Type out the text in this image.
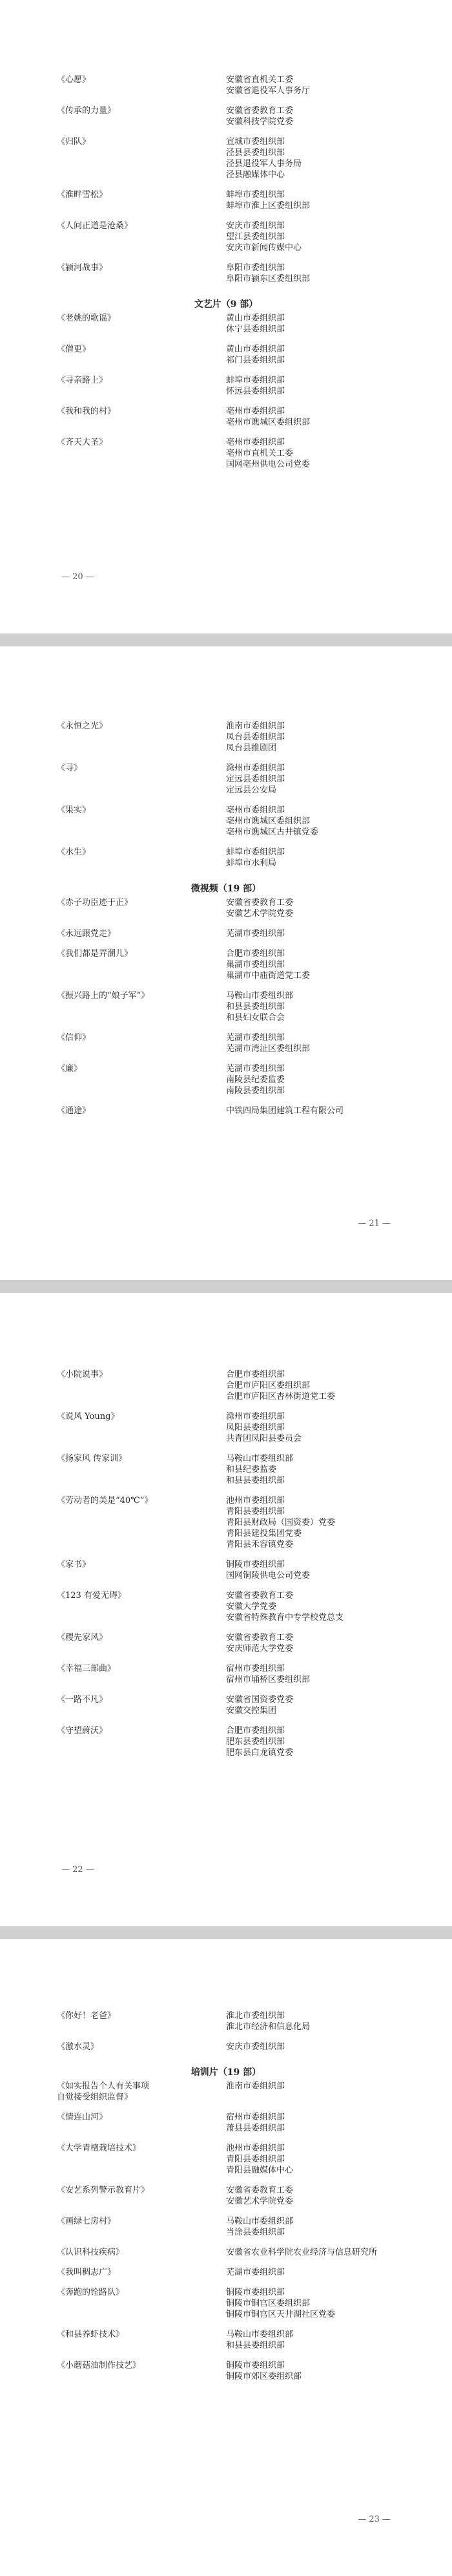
《心愿》	安徽省直机关工委
安徽省退役军人事务厅
《传承的力量》	安徽省委教育工委
安徽科技学院党委
《归队》	宣城市委组织部
泾县县委组织部
泾县退役军人事务局
泾县融媒体中心
《淮畔雪松》	蚌埠市委组织部
蚌埠市淮上区委组织部
《人间正道是沧桑》	安庆市委组织部
望江县委组织部
安庆市新闻传媒中心
《颍河战事》	阜阳市委组织部
阜阳市颍东区委组织部
文艺片（9 部）
《老姚的歌谣》	黄山市委组织部
休宁县委组织部
《僧更》	黄山市委组织部
祁门县委组织部
《寻亲路上》	蚌埠市委组织部
怀远县委组织部
《我和我的村》	亳州市委组织部
亳州市谯城区委组织部
《齐天大圣》	亳州市委组织部
亳州市直机关工委
国网亳州供电公司党委
— 20 —
《永恒之光》	淮南市委组织部
凤台县委组织部
凤台县推剧团
《寻》	滁州市委组织部
定远县委组织部
定远县公安局
《果实》	亳州市委组织部
亳州市谯城区委组织部
亳州市谯城区古井镇党委
《水生》	蚌埠市委组织部
蚌埠市水利局
微视频（19 部）
《赤子功臣迹于正》	安徽省委教育工委
安徽艺术学院党委
《永远跟党走》	芜湖市委组织部
《我们都是弄潮儿》	合肥市委组织部
巢湖市委组织部
巢湖市中庙街道党工委
《振兴路上的“娘子军”》	马鞍山市委组织部
和县县委组织部
和县妇女联合会
《信仰》	芜湖市委组织部
芜湖市湾沚区委组织部
《廉》	芜湖市委组织部
南陵县纪委监委
南陵县委组织部
《通途》	中铁四局集团建筑工程有限公司
— 21 —
《小院说事》	合肥市委组织部
合肥市庐阳区委组织部
合肥市庐阳区杏林街道党工委
《说风 Young》	滁州市委组织部
凤阳县委组织部
共青团凤阳县委员会
《扬家风 传家训》	马鞍山市委组织部
和县纪委监委
和县县委组织部
《劳动者的美是“40℃”》	池州市委组织部
青阳县委组织部
青阳县财政局（国资委）党委
青阳县建投集团党委
青阳县禾容镇党委
《家书》	铜陵市委组织部
国网铜陵供电公司党委
《123 有爱无碍》	安徽省委教育工委
安徽大学党委
安徽省特殊教育中专学校党总支
《稷先家风》	安徽省委教育工委
安庆师范大学党委
《幸福三部曲》	宿州市委组织部
宿州市埇桥区委组织部
《一路不凡》	安徽省国资委党委
安徽交控集团
《守望蔚沃》	合肥市委组织部
肥东县委组织部
肥东县白龙镇党委
— 22 —
《你好！老爸》	淮北市委组织部
淮北市经济和信息化局
《激水灵》	安庆市委组织部
培训片（19 部）
《如实报告个人有关事项
自觉接受组织监督》
淮南市委组织部
《情连山河》	宿州市委组织部
萧县县委组织部
《大学青檀栽培技术》	池州市委组织部
青阳县委组织部
青阳县融媒体中心
《安艺系列警示教育片》	安徽省委教育工委
安徽艺术学院党委
《画绿七房村》	马鞍山市委组织部
当涂县委组织部
《认识科技疾病》	安徽省农业科学院农业经济与信息研究所
《我叫稠志广》	芜湖市委组织部
《奔跑的铨路队》	铜陵市委组织部
铜陵市铜官区委组织部
铜陵市铜官区天井湖社区党委
《和县养虾技术》	马鞍山市委组织部
和县县委组织部
《小蘑菇油制作技艺》	铜陵市委组织部
铜陵市郊区委组织部
— 23 —
